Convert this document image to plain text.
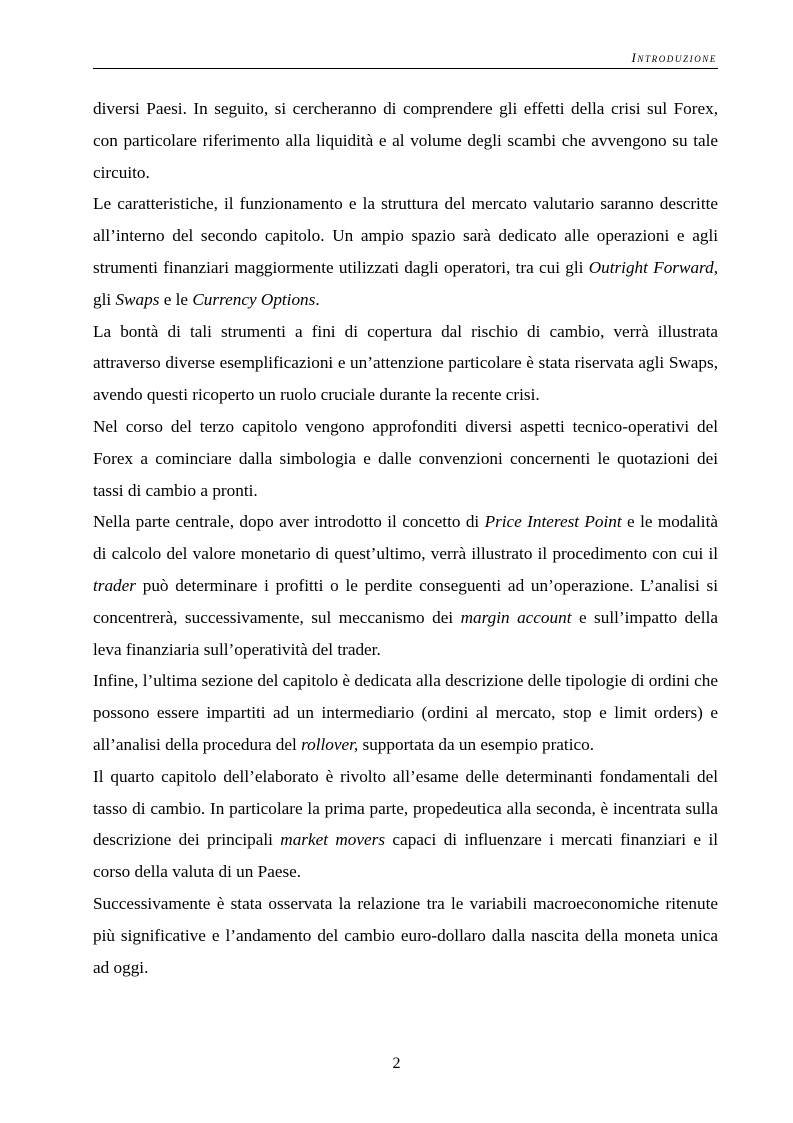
Introduzione

diversi Paesi. In seguito, si cercheranno di comprendere gli effetti della crisi sul Forex, con particolare riferimento alla liquidità e al volume degli scambi che avvengono su tale circuito.

Le caratteristiche, il funzionamento e la struttura del mercato valutario saranno descritte all’interno del secondo capitolo. Un ampio spazio sarà dedicato alle operazioni e agli strumenti finanziari maggiormente utilizzati dagli operatori, tra cui gli Outright Forward, gli Swaps e le Currency Options.

La bontà di tali strumenti a fini di copertura dal rischio di cambio, verrà illustrata attraverso diverse esemplificazioni e un’attenzione particolare è stata riservata agli Swaps, avendo questi ricoperto un ruolo cruciale durante la recente crisi.

Nel corso del terzo capitolo vengono approfonditi diversi aspetti tecnico-operativi del Forex a cominciare dalla simbologia e dalle convenzioni concernenti le quotazioni dei tassi di cambio a pronti.

Nella parte centrale, dopo aver introdotto il concetto di Price Interest Point e le modalità di calcolo del valore monetario di quest’ultimo, verrà illustrato il procedimento con cui il trader può determinare i profitti o le perdite conseguenti ad un’operazione. L’analisi si concentrerà, successivamente, sul meccanismo dei margin account e sull’impatto della leva finanziaria sull’operatività del trader.

Infine, l’ultima sezione del capitolo è dedicata alla descrizione delle tipologie di ordini che possono essere impartiti ad un intermediario (ordini al mercato, stop e limit orders) e all’analisi della procedura del rollover, supportata da un esempio pratico.

Il quarto capitolo dell’elaborato è rivolto all’esame delle determinanti fondamentali del tasso di cambio. In particolare la prima parte, propedeutica alla seconda, è incentrata sulla descrizione dei principali market movers capaci di influenzare i mercati finanziari e il corso della valuta di un Paese.

Successivamente è stata osservata la relazione tra le variabili macroeconomiche ritenute più significative e l’andamento del cambio euro-dollaro dalla nascita della moneta unica ad oggi.

2
